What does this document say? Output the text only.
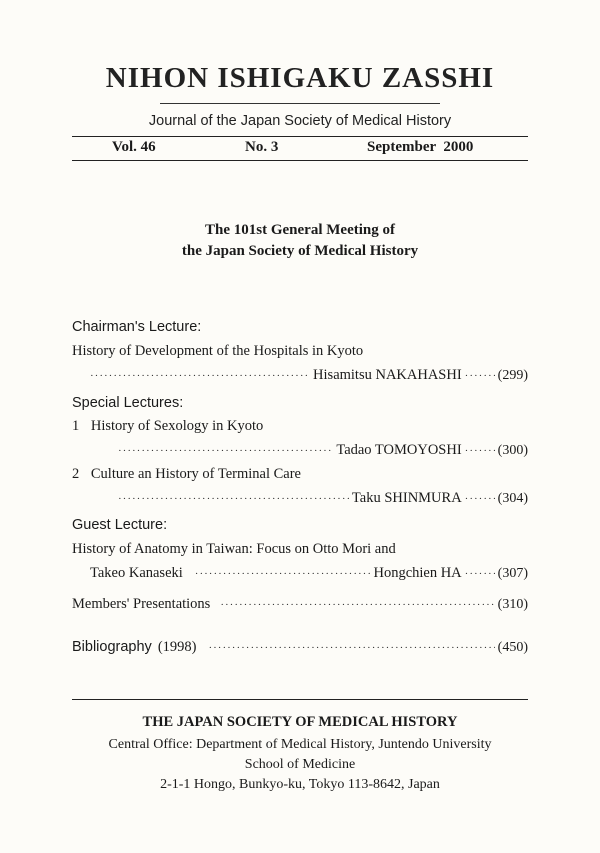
NIHON ISHIGAKU ZASSHI
Journal of the Japan Society of Medical History
Vol. 46	No. 3	September  2000
The 101st General Meeting of
the Japan Society of Medical History
Chairman's Lecture:
History of Development of the Hospitals in Kyoto
·····
Hisamitsu NAKAHASHI ·····	(299)
Special Lectures:
1 History of Sexology in Kyoto
·····
Tadao TOMOYOSHI ·····	(300)
2 Culture an History of Terminal Care
·····
Taku SHINMURA ·····	(304)
Guest Lecture:
History of Anatomy in Taiwan: Focus on Otto Mori and
Takeo Kanaseki ·····	Hongchien HA ·····	(307)
Members' Presentations ·····	(310)
Bibliography (1998) ·····	(450)
THE JAPAN SOCIETY OF MEDICAL HISTORY
Central Office: Department of Medical History, Juntendo University
School of Medicine
2-1-1 Hongo, Bunkyo-ku, Tokyo 113-8642, Japan
